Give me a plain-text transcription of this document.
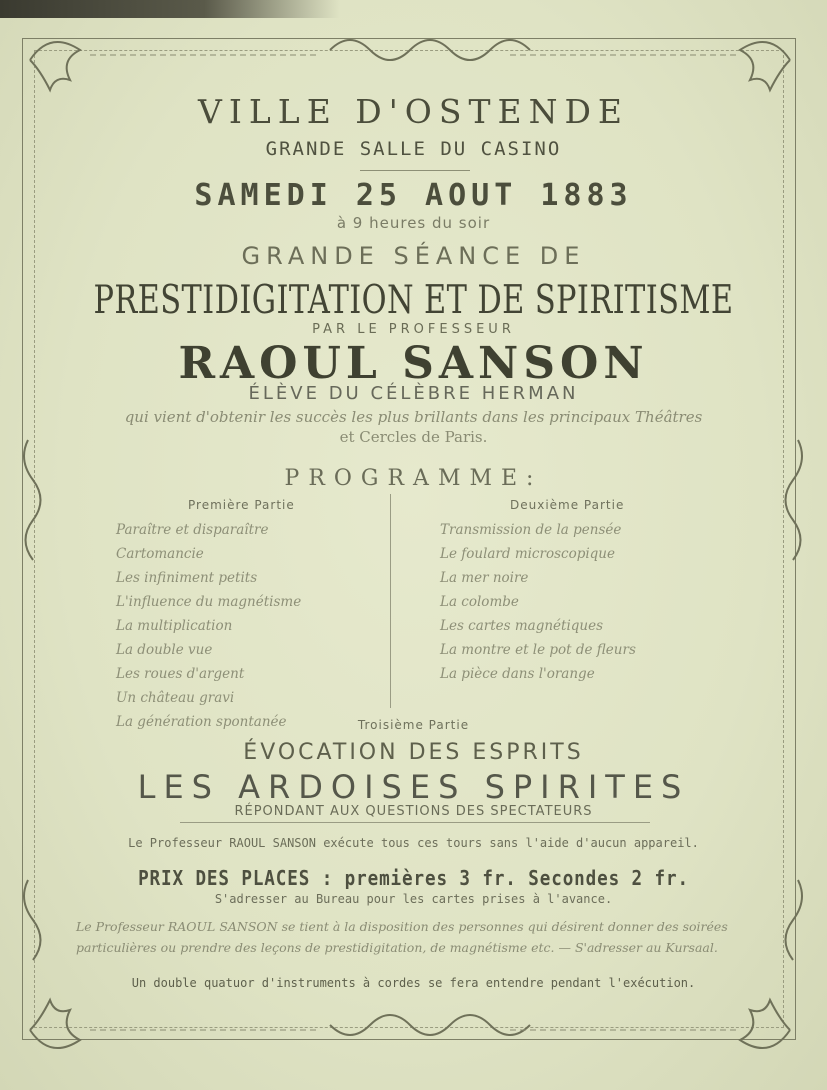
VILLE D'OSTENDE
GRANDE SALLE DU CASINO
SAMEDI 25 AOUT 1883
à 9 heures du soir
GRANDE SÉANCE DE
PRESTIDIGITATION ET DE SPIRITISME
PAR LE PROFESSEUR
RAOUL SANSON
ÉLÈVE DU CÉLÈBRE HERMAN
qui vient d'obtenir les succès les plus brillants dans les principaux Théâtres
et Cercles de Paris.
PROGRAMME:
Première Partie	Deuxième Partie
Paraître et disparaître
Cartomancie
Les infiniment petits
L'influence du magnétisme
La multiplication
La double vue
Les roues d'argent
Un château gravi
La génération spontanée
Transmission de la pensée
Le foulard microscopique
La mer noire
La colombe
Les cartes magnétiques
La montre et le pot de fleurs
La pièce dans l'orange
Troisième Partie
ÉVOCATION DES ESPRITS
LES ARDOISES SPIRITES
RÉPONDANT AUX QUESTIONS DES SPECTATEURS
Le Professeur RAOUL SANSON exécute tous ces tours sans l'aide d'aucun appareil.
PRIX DES PLACES : premières 3 fr. Secondes 2 fr.
S'adresser au Bureau pour les cartes prises à l'avance.
Le Professeur RAOUL SANSON se tient à la disposition des personnes qui désirent donner des soirées particulières ou prendre des leçons de prestidigitation, de magnétisme etc. — S'adresser au Kursaal.
Un double quatuor d'instruments à cordes se fera entendre pendant l'exécution.
